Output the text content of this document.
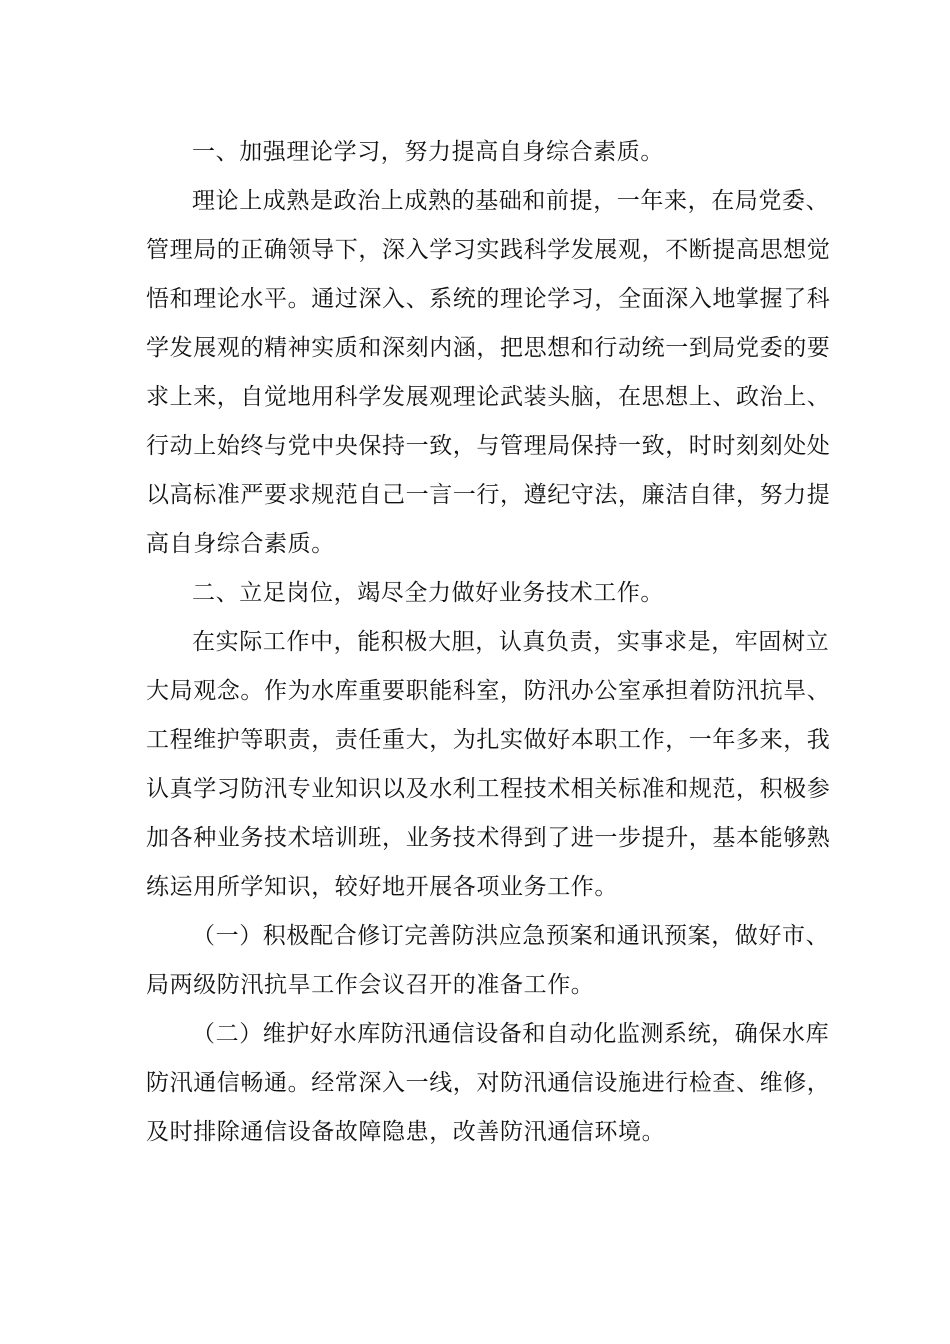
一、加强理论学习，努力提高自身综合素质。
理论上成熟是政治上成熟的基础和前提，一年来，在局党委、
管理局的正确领导下，深入学习实践科学发展观，不断提高思想觉
悟和理论水平。通过深入、系统的理论学习，全面深入地掌握了科
学发展观的精神实质和深刻内涵，把思想和行动统一到局党委的要
求上来，自觉地用科学发展观理论武装头脑，在思想上、政治上、
行动上始终与党中央保持一致，与管理局保持一致，时时刻刻处处
以高标准严要求规范自己一言一行，遵纪守法，廉洁自律，努力提
高自身综合素质。
二、立足岗位，竭尽全力做好业务技术工作。
在实际工作中，能积极大胆，认真负责，实事求是，牢固树立
大局观念。作为水库重要职能科室，防汛办公室承担着防汛抗旱、
工程维护等职责，责任重大，为扎实做好本职工作，一年多来，我
认真学习防汛专业知识以及水利工程技术相关标准和规范，积极参
加各种业务技术培训班，业务技术得到了进一步提升，基本能够熟
练运用所学知识，较好地开展各项业务工作。
（一）积极配合修订完善防洪应急预案和通讯预案，做好市、
局两级防汛抗旱工作会议召开的准备工作。
（二）维护好水库防汛通信设备和自动化监测系统，确保水库
防汛通信畅通。经常深入一线，对防汛通信设施进行检查、维修，
及时排除通信设备故障隐患，改善防汛通信环境。
